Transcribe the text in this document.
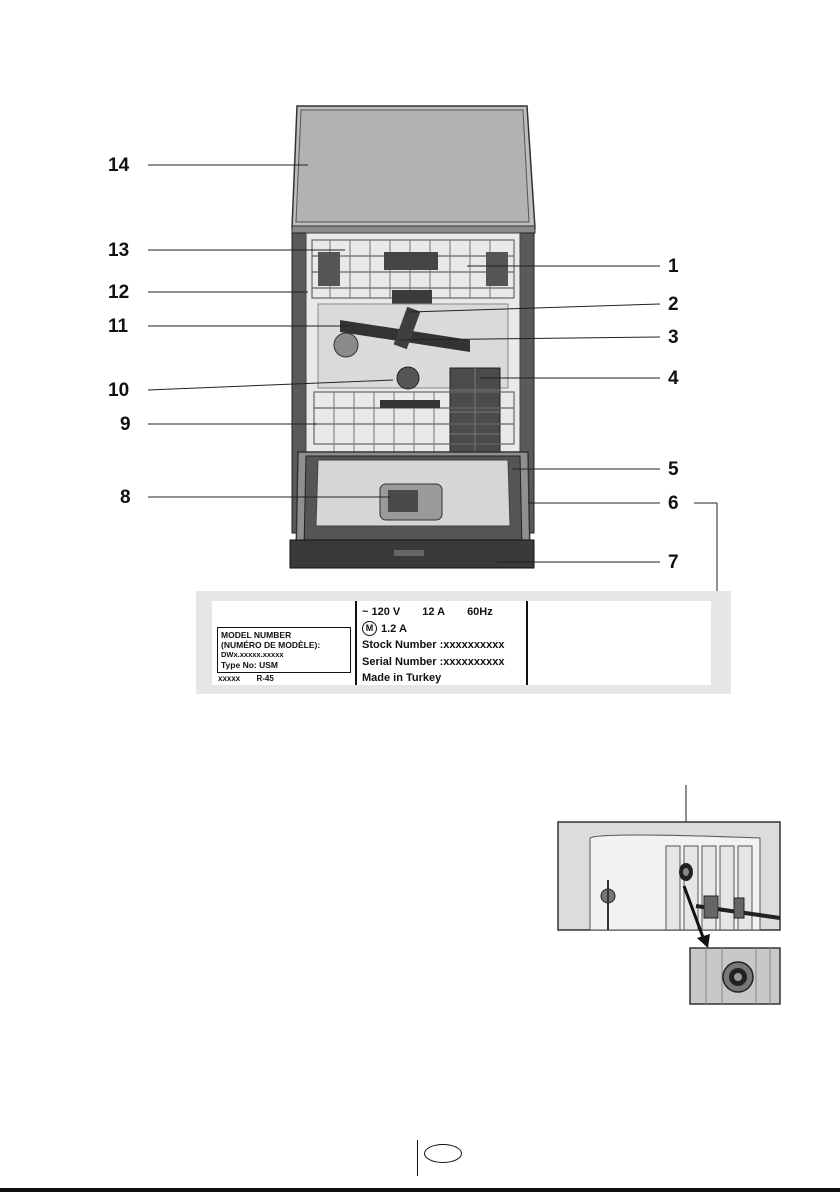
14
13
12
11
10
9
8
1
2
3
4
5
6
7
MODEL NUMBER
(NUMÉRO DE MODÈLE):
DWx.xxxxx.xxxxx
Type No: USM
xxxxx R-45
~ 120 V 12 A 60Hz
M 1.2 A
Stock Number :xxxxxxxxxx
Serial Number :xxxxxxxxxx
Made in Turkey
